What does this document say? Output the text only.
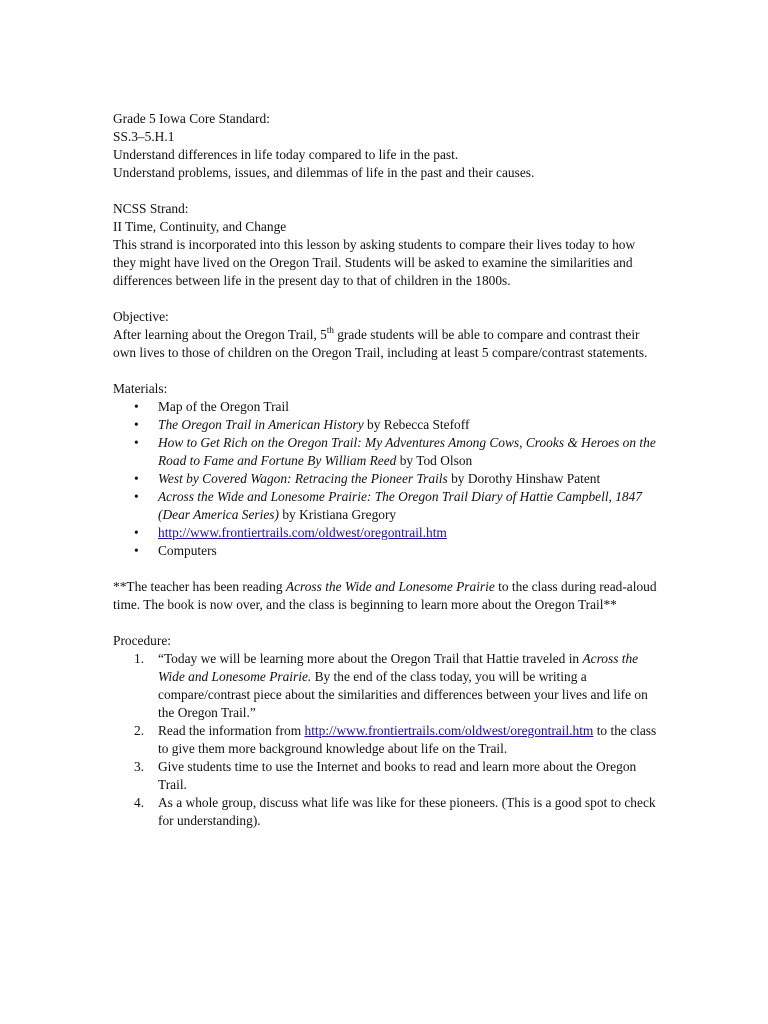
Grade 5 Iowa Core Standard:

SS.3–5.H.1

Understand differences in life today compared to life in the past.

Understand problems, issues, and dilemmas of life in the past and their causes.

NCSS Strand:

II Time, Continuity, and Change

This strand is incorporated into this lesson by asking students to compare their lives today to how they might have lived on the Oregon Trail. Students will be asked to examine the similarities and differences between life in the present day to that of children in the 1800s.

Objective:

After learning about the Oregon Trail, 5th grade students will be able to compare and contrast their own lives to those of children on the Oregon Trail, including at least 5 compare/contrast statements.

Materials:

• Map of the Oregon Trail
• The Oregon Trail in American History by Rebecca Stefoff
• How to Get Rich on the Oregon Trail: My Adventures Among Cows, Crooks & Heroes on the Road to Fame and Fortune By William Reed by Tod Olson
• West by Covered Wagon: Retracing the Pioneer Trails by Dorothy Hinshaw Patent
• Across the Wide and Lonesome Prairie: The Oregon Trail Diary of Hattie Campbell, 1847 (Dear America Series) by Kristiana Gregory
• http://www.frontiertrails.com/oldwest/oregontrail.htm
• Computers

**The teacher has been reading Across the Wide and Lonesome Prairie to the class during read-aloud time. The book is now over, and the class is beginning to learn more about the Oregon Trail**

Procedure:

1. “Today we will be learning more about the Oregon Trail that Hattie traveled in Across the Wide and Lonesome Prairie. By the end of the class today, you will be writing a compare/contrast piece about the similarities and differences between your lives and life on the Oregon Trail.”
2. Read the information from http://www.frontiertrails.com/oldwest/oregontrail.htm to the class to give them more background knowledge about life on the Trail.
3. Give students time to use the Internet and books to read and learn more about the Oregon Trail.
4. As a whole group, discuss what life was like for these pioneers. (This is a good spot to check for understanding).
